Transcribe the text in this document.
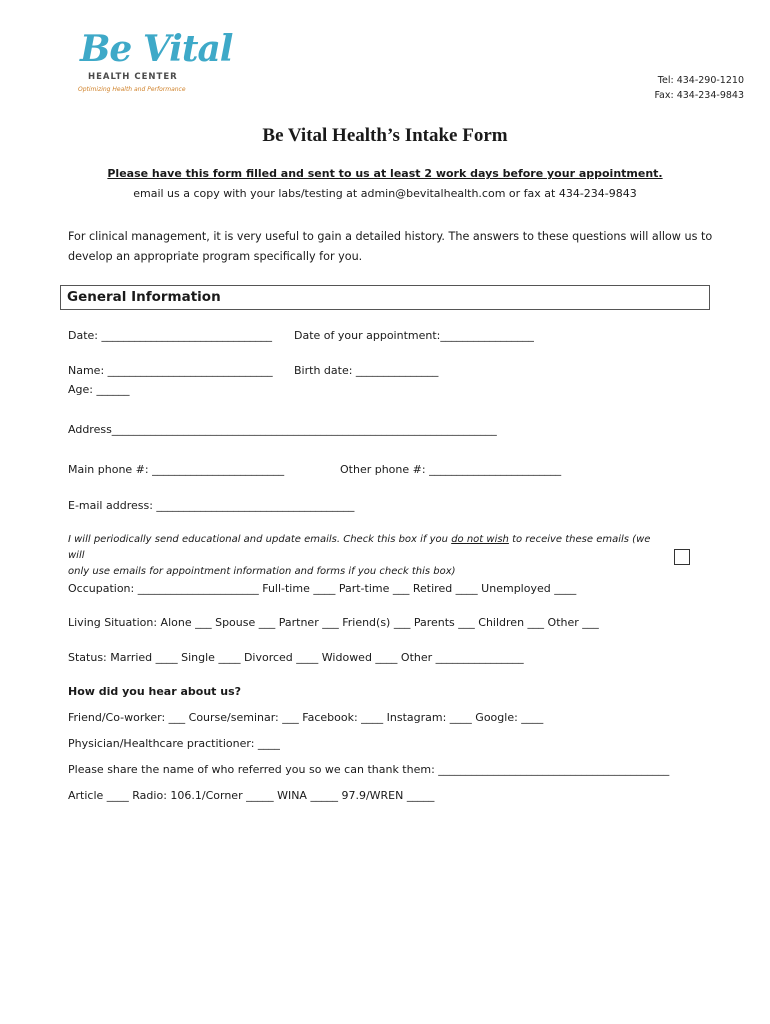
Be Vital
HEALTH CENTER
Optimizing Health and Performance
Tel: 434-290-1210
Fax: 434-234-9843
Be Vital Health’s Intake Form
Please have this form filled and sent to us at least 2 work days before your appointment.
email us a copy with your labs/testing at admin@bevitalhealth.com or fax at 434-234-9843
For clinical management, it is very useful to gain a detailed history. The answers to these questions will allow us to
develop an appropriate program specifically for you.
General Information
Date: _______________________________ Date of your appointment:_________________
Name: ______________________________ Birth date: _______________
Age: ______
Address______________________________________________________________________
Main phone #: ________________________	Other phone #: ________________________
E-mail address: ____________________________________
I will periodically send educational and update emails. Check this box if you do not wish to receive these emails (we will
only use emails for appointment information and forms if you check this box)
Occupation: ______________________ Full-time ____ Part-time ___ Retired ____ Unemployed ____
Living Situation: Alone ___ Spouse ___ Partner ___ Friend(s) ___ Parents ___ Children ___ Other ___
Status: Married ____ Single ____ Divorced ____ Widowed ____ Other ________________
How did you hear about us?
Friend/Co-worker: ___ Course/seminar: ___ Facebook: ____ Instagram: ____ Google: ____
Physician/Healthcare practitioner: ____
Please share the name of who referred you so we can thank them: __________________________________________
Article ____ Radio: 106.1/Corner _____ WINA _____ 97.9/WREN _____
